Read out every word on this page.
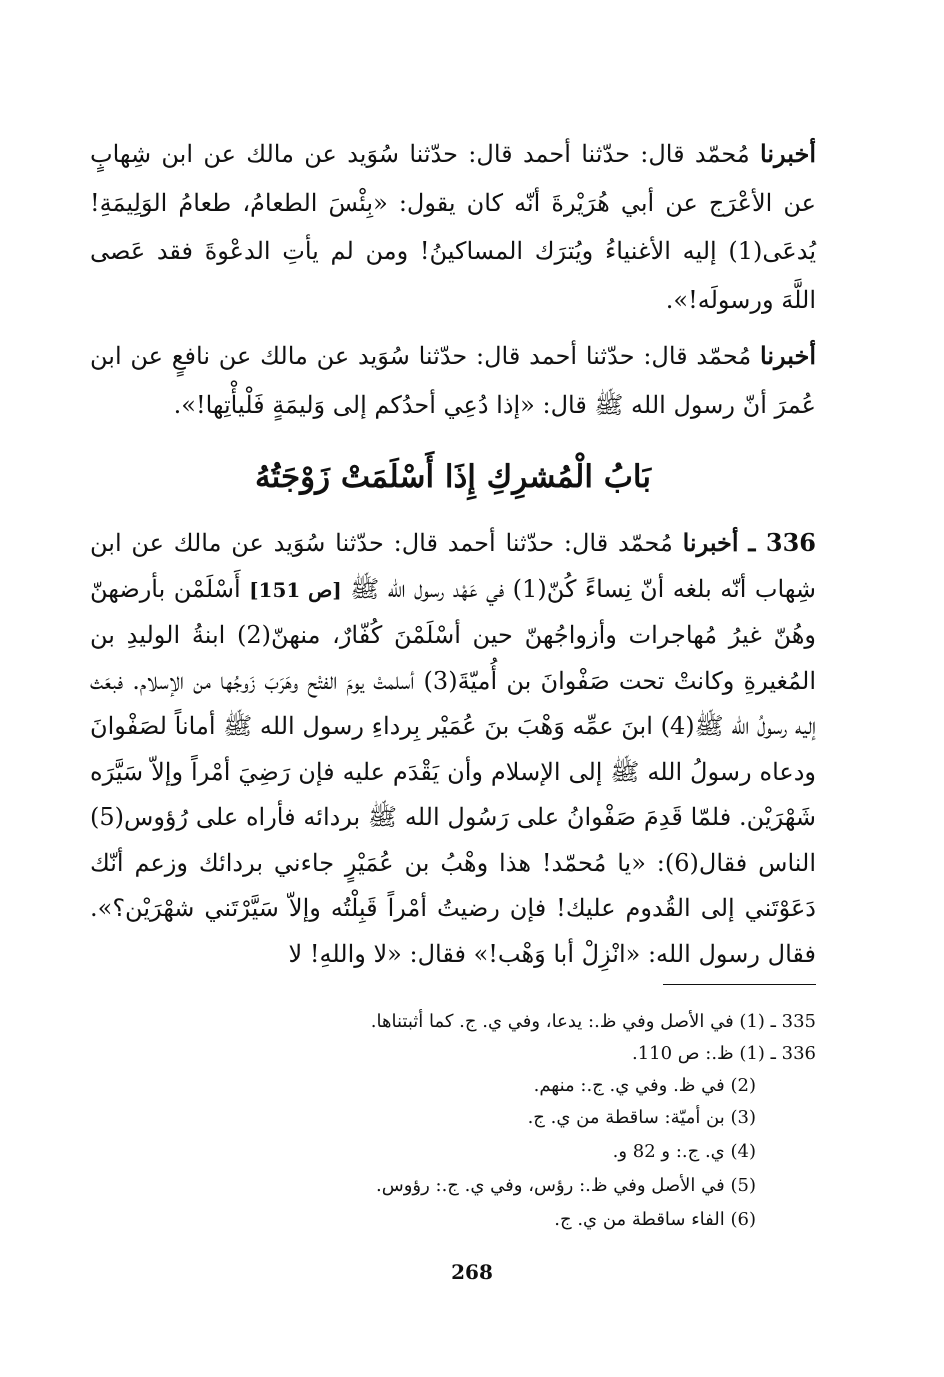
أخبرنا مُحمّد قال: حدّثنا أحمد قال: حدّثنا سُوَيد عن مالك عن ابن شِهابٍ عن الأعْرَج عن أبي هُرَيْرةَ أنّه كان يقول: «بِئْسَ الطعامُ، طعامُ الوَلِيمَةِ! يُدعَى(1) إليه الأغنياءُ ويُترَك المساكينُ! ومن لم يأتِ الدعْوةَ فقد عَصى اللَّهَ ورسولَه!».

أخبرنا مُحمّد قال: حدّثنا أحمد قال: حدّثنا سُوَيد عن مالك عن نافعٍ عن ابن عُمرَ أنّ رسول الله ﷺ قال: «إذا دُعِي أحدُكم إلى وَليمَةٍ فَلْيأْتِها!».

بَابُ الْمُشرِكِ إِذَا أَسْلَمَتْ زَوْجَتُهُ

336 ـ أخبرنا مُحمّد قال: حدّثنا أحمد قال: حدّثنا سُوَيد عن مالك عن ابن شِهاب أنّه بلغه أنّ نِساءً كُنّ(1) في عَهْد رسول الله ﷺ [ص 151] أَسْلَمْن بأرضهنّ وهُنّ غيرُ مُهاجرات وأزواجُهنّ حين أسْلَمْنَ كُفّارٌ، منهنّ(2) ابنةُ الوليدِ بن المُغيرةِ وكانتْ تحت صَفْوانَ بن أُميّةَ(3) أسلمتْ يومَ الفتْح وهَرَبَ زَوجُها من الإسلام. فبعَث إليه رسولُ الله ﷺ(4) ابنَ عمِّه وَهْبَ بنَ عُمَيْر بِرداءِ رسول الله ﷺ أماناً لصَفْوانَ ودعاه رسولُ الله ﷺ إلى الإسلام وأن يَقْدَم عليه فإن رَضِيَ أمْراً وإلاّ سَيَّرَه شَهْرَيْن. فلمّا قَدِمَ صَفْوانُ على رَسُول الله ﷺ بردائه فأراه على رُؤوس(5) الناس فقال(6): «يا مُحمّد! هذا وهْبُ بن عُمَيْرٍ جاءني بردائك وزعم أنّك دَعَوْتَني إلى القُدوم عليك! فإن رضيتُ أمْراً قَبِلْتُه وإلاّ سَيَّرْتَني شهْرَيْن؟». فقال رسول الله: «انْزِلْ أبا وَهْب!» فقال: «لا واللهِ! لا

335 ـ (1) في الأصل وفي ظ.: يدعا، وفي ي. ج. كما أثبتناها.
336 ـ (1) ظ.: ص 110.
(2) في ظ. وفي ي. ج.: منهم.
(3) بن أميّة: ساقطة من ي. ج.
(4) ي. ج.: و 82 و.
(5) في الأصل وفي ظ.: رؤس، وفي ي. ج.: رؤوس.
(6) الفاء ساقطة من ي. ج.
268
